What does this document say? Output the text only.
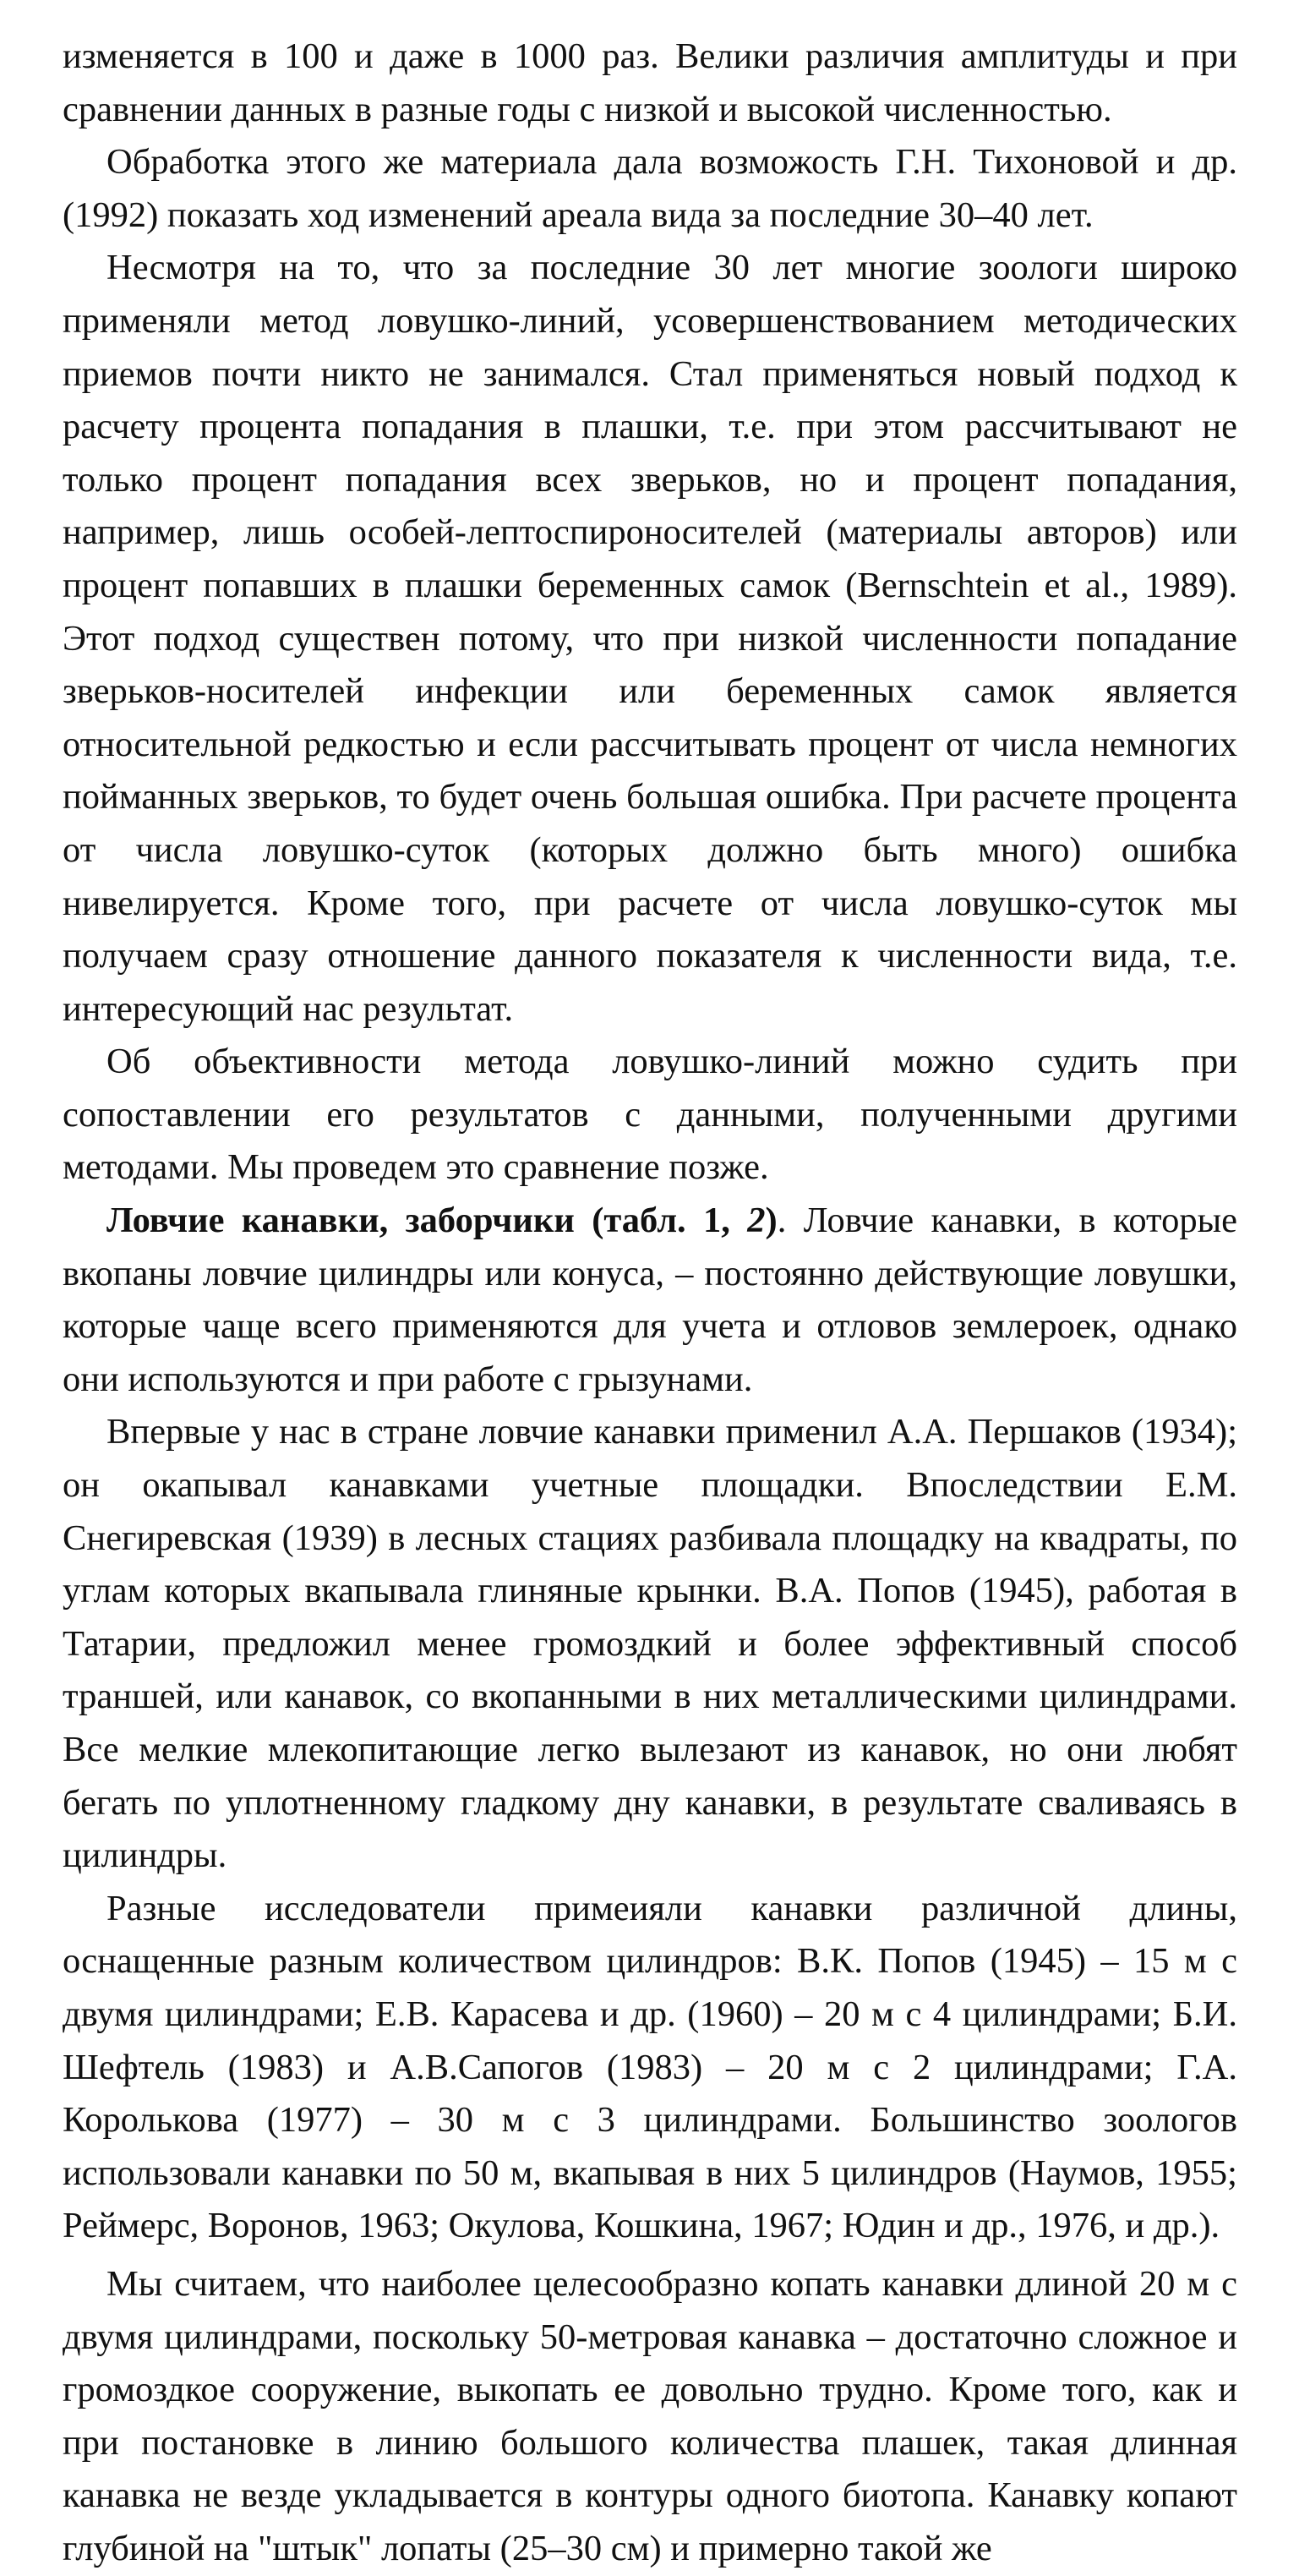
изменяется в 100 и даже в 1000 раз. Велики различия амплитуды и при сравнении данных в разные годы с низкой и высокой численностью.

Обработка этого же материала дала возможость Г.Н. Тихоновой и др. (1992) показать ход изменений ареала вида за последние 30–40 лет.

Несмотря на то, что за последние 30 лет многие зоологи широко применяли метод ловушко-линий, усовершенствованием методических приемов почти никто не занимался. Стал применяться новый подход к расчету процента попадания в плашки, т.е. при этом рассчитывают не только процент попадания всех зверьков, но и процент попадания, например, лишь особей-лептоспироносителей (материалы авторов) или процент попавших в плашки беременных самок (Bernschtein et al., 1989). Этот подход существен потому, что при низкой численности попадание зверьков-носителей инфекции или беременных самок является относительной редкостью и если рассчитывать процент от числа немногих пойманных зверьков, то будет очень большая ошибка. При расчете процента от числа ловушко-суток (которых должно быть много) ошибка нивелируется. Кроме того, при расчете от числа ловушко-суток мы получаем сразу отношение данного показателя к численности вида, т.е. интересующий нас результат.

Об объективности метода ловушко-линий можно судить при сопоставлении его результатов с данными, полученными другими методами. Мы проведем это сравнение позже.

Ловчие канавки, заборчики (табл. 1, 2). Ловчие канавки, в которые вкопаны ловчие цилиндры или конуса, – постоянно действующие ловушки, которые чаще всего применяются для учета и отловов землероек, однако они используются и при работе с грызунами.

Впервые у нас в стране ловчие канавки применил А.А. Першаков (1934); он окапывал канавками учетные площадки. Впоследствии Е.М. Снегиревская (1939) в лесных стациях разбивала площадку на квадраты, по углам которых вкапывала глиняные крынки. В.А. Попов (1945), работая в Татарии, предложил менее громоздкий и более эффективный способ траншей, или канавок, со вкопанными в них металлическими цилиндрами. Все мелкие млекопитающие легко вылезают из канавок, но они любят бегать по уплотненному гладкому дну канавки, в результате сваливаясь в цилиндры.

Разные исследователи примеияли канавки различной длины, оснащенные разным количеством цилиндров: В.К. Попов (1945) – 15 м с двумя цилиндрами; Е.В. Карасева и др. (1960) – 20 м с 4 цилиндрами; Б.И. Шефтель (1983) и А.В.Сапогов (1983) – 20 м с 2 цилиндрами; Г.А. Королькова (1977) – 30 м с 3 цилиндрами. Большинство зоологов использовали канавки по 50 м, вкапывая в них 5 цилиндров (Наумов, 1955; Реймерс, Воронов, 1963; Окулова, Кошкина, 1967; Юдин и др., 1976, и др.).

Мы считаем, что наиболее целесообразно копать канавки длиной 20 м с двумя цилиндрами, поскольку 50-метровая канавка – достаточно сложное и громоздкое сооружение, выкопать ее довольно трудно. Кроме того, как и при постановке в линию большого количества плашек, такая длинная канавка не везде укладывается в контуры одного биотопа. Канавку копают глубиной на "штык" лопаты (25–30 см) и примерно такой же
